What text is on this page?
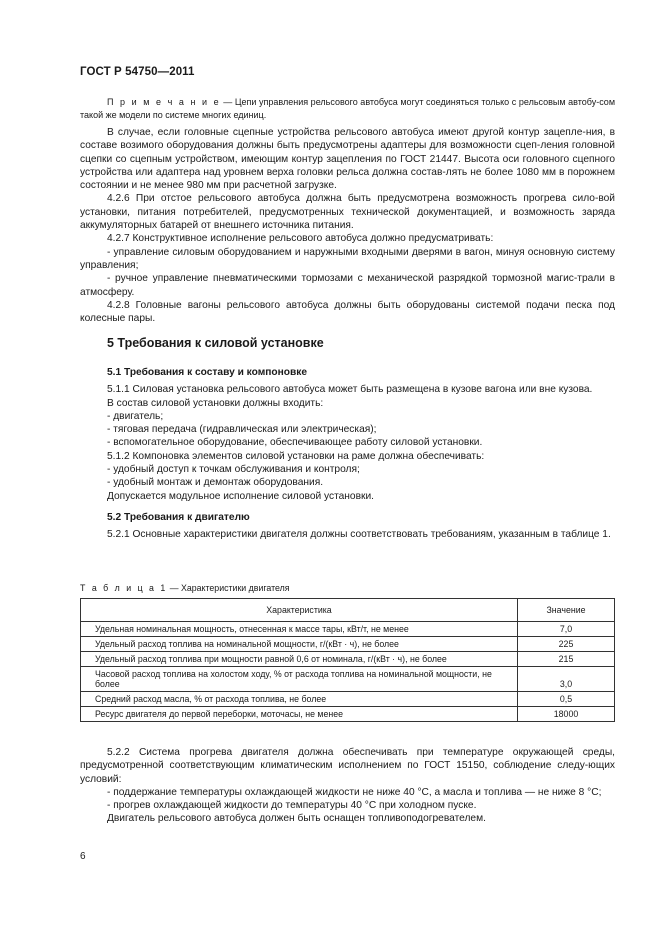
ГОСТ Р 54750—2011

П р и м е ч а н и е — Цепи управления рельсового автобуса могут соединяться только с рельсовым автобу-сом такой же модели по системе многих единиц.

В случае, если головные сцепные устройства рельсового автобуса имеют другой контур зацепле-ния, в составе возимого оборудования должны быть предусмотрены адаптеры для возможности сцеп-ления головной сцепки со сцепным устройством, имеющим контур зацепления по ГОСТ 21447. Высота оси головного сцепного устройства или адаптера над уровнем верха головки рельса должна состав-лять не более 1080 мм в порожнем состоянии и не менее 980 мм при расчетной загрузке.

4.2.6 При отстое рельсового автобуса должна быть предусмотрена возможность прогрева сило-вой установки, питания потребителей, предусмотренных технической документацией, и возможность заряда аккумуляторных батарей от внешнего источника питания.

4.2.7 Конструктивное исполнение рельсового автобуса должно предусматривать:

- управление силовым оборудованием и наружными входными дверями в вагон, минуя основную систему управления;

- ручное управление пневматическими тормозами с механической разрядкой тормозной магис-трали в атмосферу.

4.2.8 Головные вагоны рельсового автобуса должны быть оборудованы системой подачи песка под колесные пары.

5 Требования к силовой установке

5.1 Требования к составу и компоновке

5.1.1 Силовая установка рельсового автобуса может быть размещена в кузове вагона или вне кузова.

В состав силовой установки должны входить:

- двигатель;

- тяговая передача (гидравлическая или электрическая);

- вспомогательное оборудование, обеспечивающее работу силовой установки.

5.1.2 Компоновка элементов силовой установки на раме должна обеспечивать:

- удобный доступ к точкам обслуживания и контроля;

- удобный монтаж и демонтаж оборудования.

Допускается модульное исполнение силовой установки.

5.2 Требования к двигателю

5.2.1 Основные характеристики двигателя должны соответствовать требованиям, указанным в таблице 1.

Т а б л и ц а 1 — Характеристики двигателя
Характеристика	Значение
Удельная номинальная мощность, отнесенная к массе тары, кВт/т, не менее	7,0
Удельный расход топлива на номинальной мощности, г/(кВт · ч), не более	225
Удельный расход топлива при мощности равной 0,6 от номинала, г/(кВт · ч), не более	215
Часовой расход топлива на холостом ходу, % от расхода топлива на номинальной мощности, не более	3,0
Средний расход масла, % от расхода топлива, не более	0,5
Ресурс двигателя до первой переборки, моточасы, не менее	18000

5.2.2 Система прогрева двигателя должна обеспечивать при температуре окружающей среды, предусмотренной соответствующим климатическим исполнением по ГОСТ 15150, соблюдение следу-ющих условий:

- поддержание температуры охлаждающей жидкости не ниже 40 °С, а масла и топлива — не ниже 8 °С;

- прогрев охлаждающей жидкости до температуры 40 °С при холодном пуске.

Двигатель рельсового автобуса должен быть оснащен топливоподогревателем.

6
